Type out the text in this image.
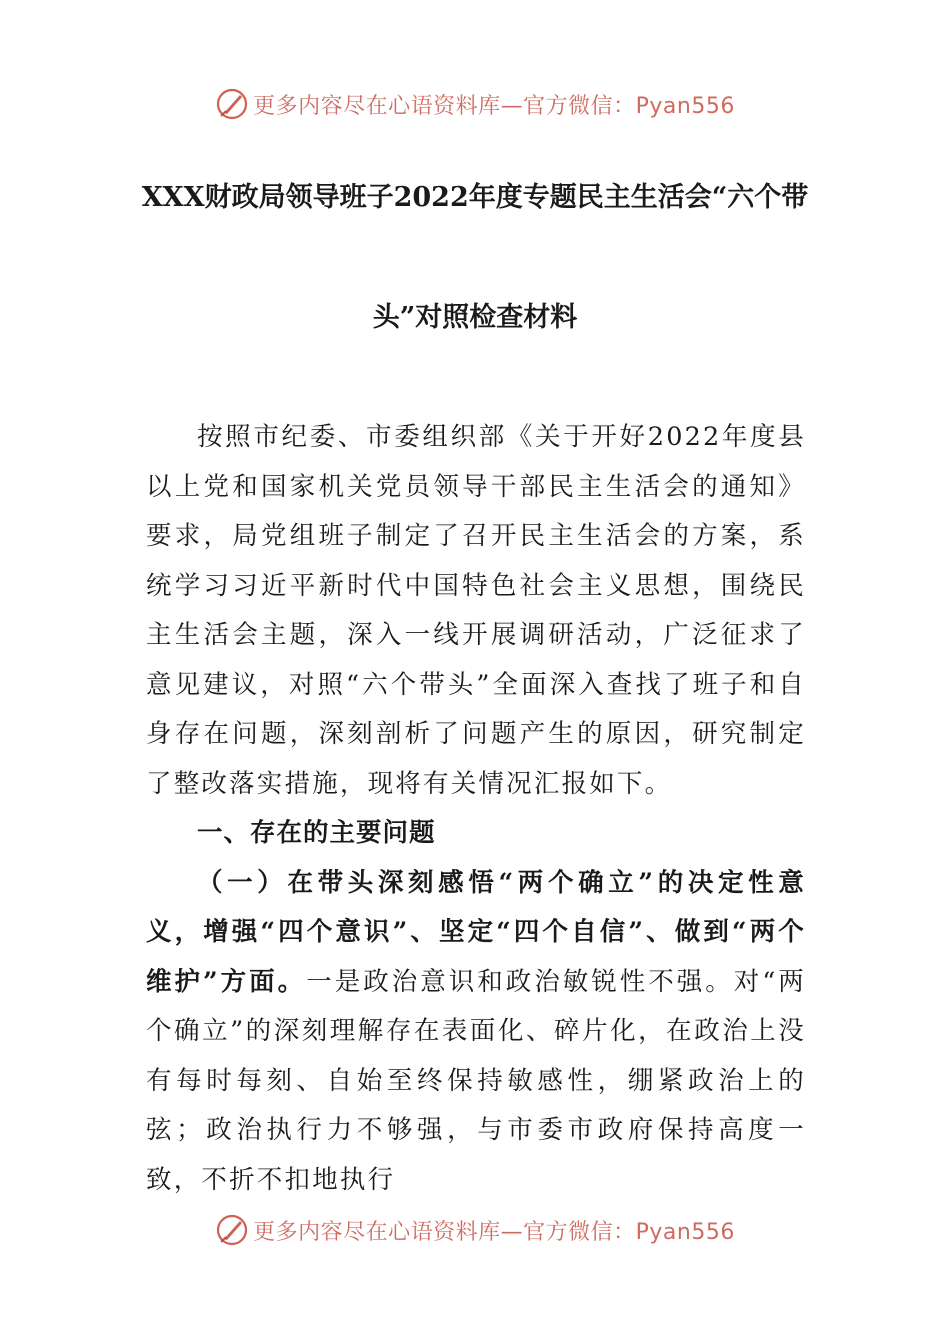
更多内容尽在心语资料库—官方微信：Pyan556
XXX财政局领导班子2022年度专题民主生活会“六个带
头”对照检查材料

按照市纪委、市委组织部《关于开好2022年度县以上党和国家机关党员领导干部民主生活会的通知》要求，局党组班子制定了召开民主生活会的方案，系统学习习近平新时代中国特色社会主义思想，围绕民主生活会主题，深入一线开展调研活动，广泛征求了意见建议，对照“六个带头”全面深入查找了班子和自身存在问题，深刻剖析了问题产生的原因，研究制定了整改落实措施，现将有关情况汇报如下。

一、存在的主要问题

（一）在带头深刻感悟“两个确立”的决定性意义，增强“四个意识”、坚定“四个自信”、做到“两个维护”方面。一是政治意识和政治敏锐性不强。对“两个确立”的深刻理解存在表面化、碎片化，在政治上没有每时每刻、自始至终保持敏感性，绷紧政治上的弦；政治执行力不够强，与市委市政府保持高度一致，不折不扣地执行

更多内容尽在心语资料库—官方微信：Pyan556
